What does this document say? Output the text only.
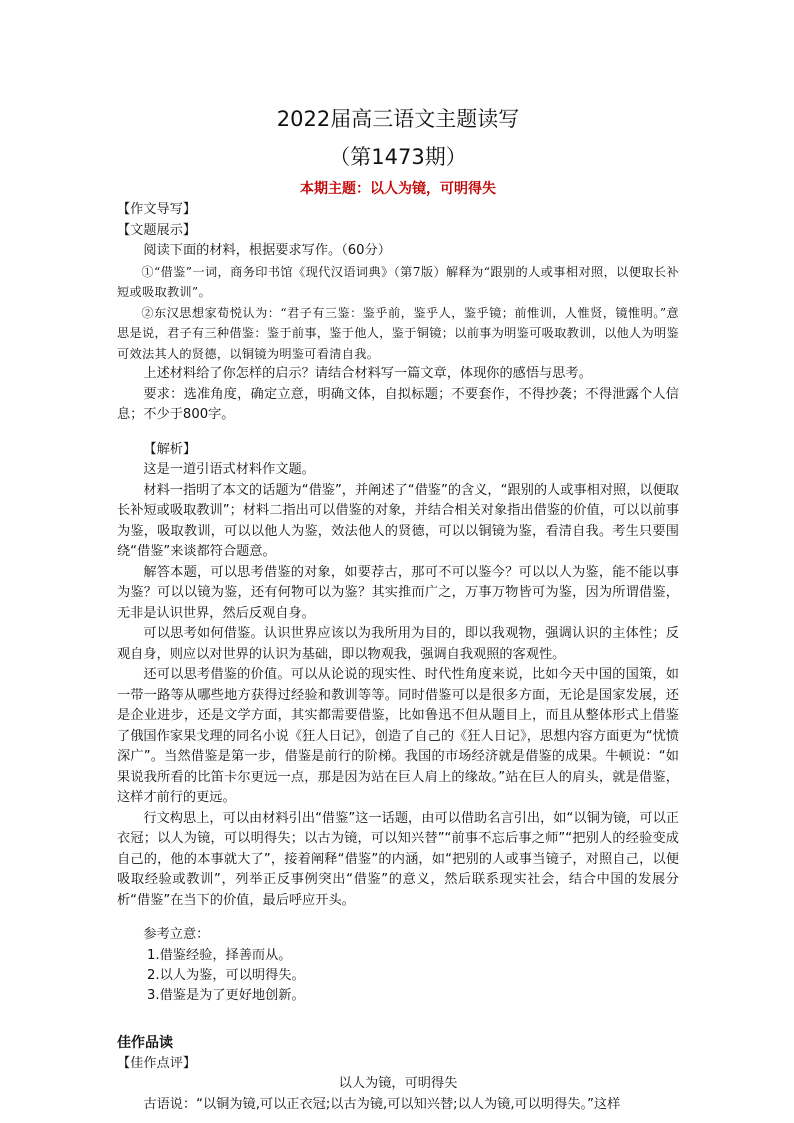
2022届高三语文主题读写
（第1473期）
本期主题：以人为镜，可明得失

【作文导写】

【文题展示】

阅读下面的材料，根据要求写作。（60分）

①“借鉴”一词，商务印书馆《现代汉语词典》（第7版）解释为“跟别的人或事相对照，以便取长补短或吸取教训”。

②东汉思想家荀悦认为：“君子有三鉴：鉴乎前，鉴乎人，鉴乎镜；前惟训，人惟贤，镜惟明。”意思是说，君子有三种借鉴：鉴于前事，鉴于他人，鉴于铜镜；以前事为明鉴可吸取教训，以他人为明鉴可效法其人的贤德，以铜镜为明鉴可看清自我。

上述材料给了你怎样的启示？请结合材料写一篇文章，体现你的感悟与思考。

要求：选准角度，确定立意，明确文体，自拟标题；不要套作，不得抄袭；不得泄露个人信息；不少于800字。

【解析】

这是一道引语式材料作文题。

材料一指明了本文的话题为“借鉴”，并阐述了“借鉴”的含义，“跟别的人或事相对照，以便取长补短或吸取教训”；材料二指出可以借鉴的对象，并结合相关对象指出借鉴的价值，可以以前事为鉴，吸取教训，可以以他人为鉴，效法他人的贤德，可以以铜镜为鉴，看清自我。考生只要围绕“借鉴”来谈都符合题意。

解答本题，可以思考借鉴的对象，如要荐古，那可不可以鉴今？可以以人为鉴，能不能以事为鉴？可以以镜为鉴，还有何物可以为鉴？其实推而广之，万事万物皆可为鉴，因为所谓借鉴，无非是认识世界，然后反观自身。

可以思考如何借鉴。认识世界应该以为我所用为目的，即以我观物，强调认识的主体性；反观自身，则应以对世界的认识为基础，即以物观我，强调自我观照的客观性。

还可以思考借鉴的价值。可以从论说的现实性、时代性角度来说，比如今天中国的国策，如一带一路等从哪些地方获得过经验和教训等等。同时借鉴可以是很多方面，无论是国家发展，还是企业进步，还是文学方面，其实都需要借鉴，比如鲁迅不但从题目上，而且从整体形式上借鉴了俄国作家果戈理的同名小说《狂人日记》，创造了自己的《狂人日记》，思想内容方面更为“忧愤深广”。当然借鉴是第一步，借鉴是前行的阶梯。我国的市场经济就是借鉴的成果。牛顿说：“如果说我所看的比笛卡尔更远一点，那是因为站在巨人肩上的缘故。”站在巨人的肩头，就是借鉴，这样才前行的更远。

行文构思上，可以由材料引出“借鉴”这一话题，由可以借助名言引出，如“以铜为镜，可以正衣冠；以人为镜，可以明得失；以古为镜，可以知兴替”“前事不忘后事之师”“把别人的经验变成自己的，他的本事就大了”，接着阐释“借鉴”的内涵，如“把别的人或事当镜子，对照自己，以便吸取经验或教训”，列举正反事例突出“借鉴”的意义，然后联系现实社会，结合中国的发展分析“借鉴”在当下的价值，最后呼应开头。

参考立意：

1.借鉴经验，择善而从。

2.以人为鉴，可以明得失。

3.借鉴是为了更好地创新。

佳作品读

【佳作点评】

以人为镜，可明得失

古语说：“以铜为镜,可以正衣冠;以古为镜,可以知兴替;以人为镜,可以明得失。”这样
